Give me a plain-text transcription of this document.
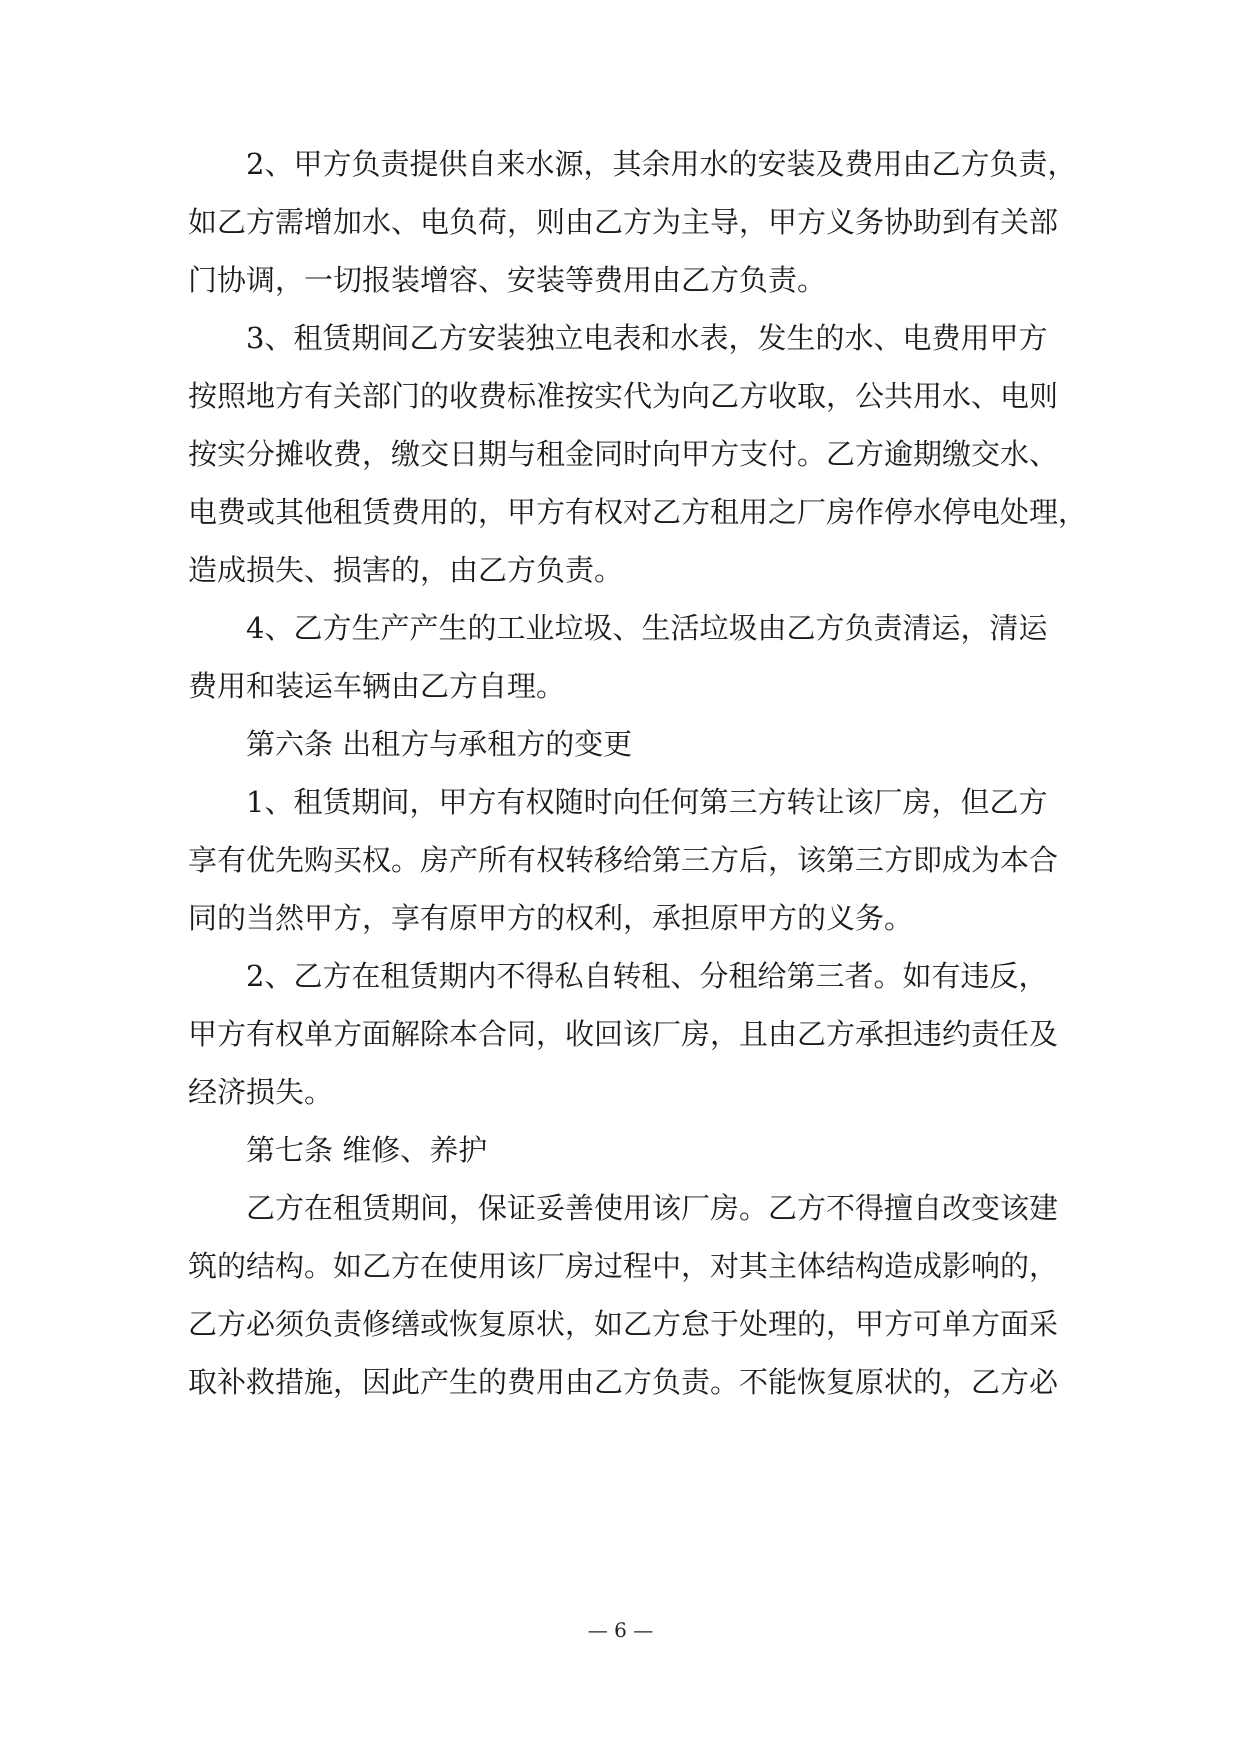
2、甲方负责提供自来水源，其余用水的安装及费用由乙方负责，
如乙方需增加水、电负荷，则由乙方为主导，甲方义务协助到有关部
门协调，一切报装增容、安装等费用由乙方负责。
3、租赁期间乙方安装独立电表和水表，发生的水、电费用甲方
按照地方有关部门的收费标准按实代为向乙方收取，公共用水、电则
按实分摊收费，缴交日期与租金同时向甲方支付。乙方逾期缴交水、
电费或其他租赁费用的，甲方有权对乙方租用之厂房作停水停电处理，
造成损失、损害的，由乙方负责。
4、乙方生产产生的工业垃圾、生活垃圾由乙方负责清运，清运
费用和装运车辆由乙方自理。
第六条 出租方与承租方的变更
1、租赁期间，甲方有权随时向任何第三方转让该厂房，但乙方
享有优先购买权。房产所有权转移给第三方后，该第三方即成为本合
同的当然甲方，享有原甲方的权利，承担原甲方的义务。
2、乙方在租赁期内不得私自转租、分租给第三者。如有违反，
甲方有权单方面解除本合同，收回该厂房，且由乙方承担违约责任及
经济损失。
第七条 维修、养护
乙方在租赁期间，保证妥善使用该厂房。乙方不得擅自改变该建
筑的结构。如乙方在使用该厂房过程中，对其主体结构造成影响的，
乙方必须负责修缮或恢复原状，如乙方怠于处理的，甲方可单方面采
取补救措施，因此产生的费用由乙方负责。不能恢复原状的，乙方必
— 6 —
